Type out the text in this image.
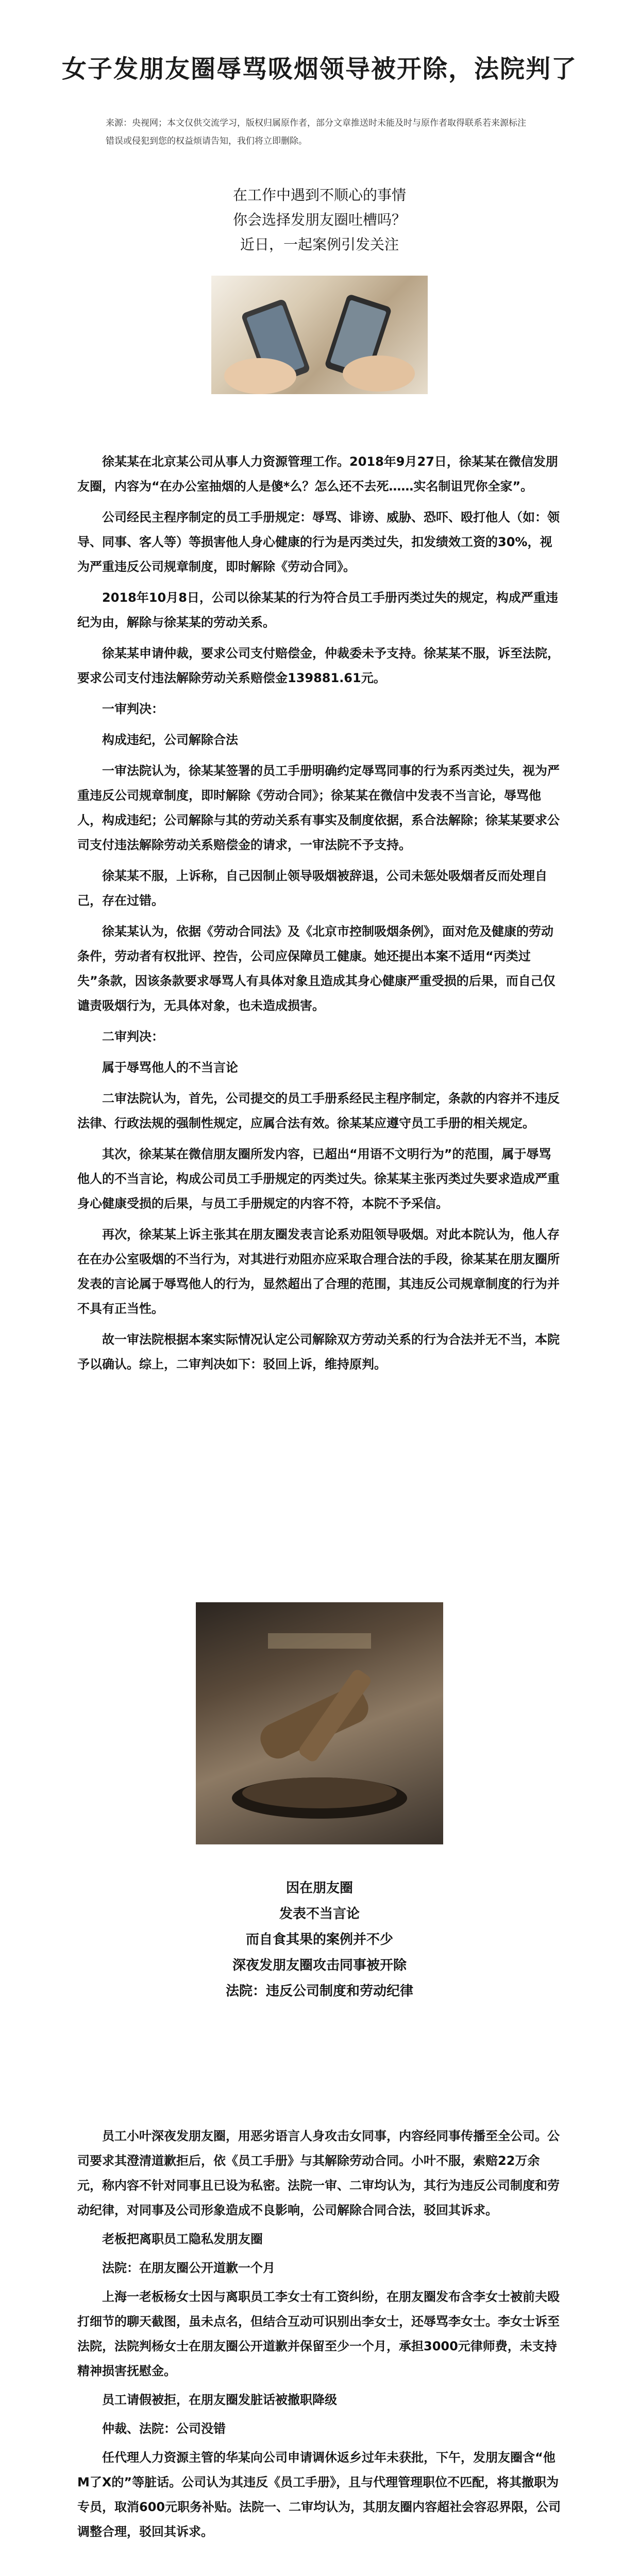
女子发朋友圈辱骂吸烟领导被开除，法院判了
来源：央视网；本文仅供交流学习，版权归属原作者，部分文章推送时未能及时与原作者取得联系若来源标注错误或侵犯到您的权益烦请告知，我们将立即删除。
在工作中遇到不顺心的事情
你会选择发朋友圈吐槽吗？
近日，一起案例引发关注

徐某某在北京某公司从事人力资源管理工作。2018年9月27日，徐某某在微信发朋友圈，内容为“在办公室抽烟的人是傻*么？怎么还不去死……实名制诅咒你全家”。

公司经民主程序制定的员工手册规定：辱骂、诽谤、威胁、恐吓、殴打他人（如：领导、同事、客人等）等损害他人身心健康的行为是丙类过失，扣发绩效工资的30%，视为严重违反公司规章制度，即时解除《劳动合同》。

2018年10月8日，公司以徐某某的行为符合员工手册丙类过失的规定，构成严重违纪为由，解除与徐某某的劳动关系。

徐某某申请仲裁，要求公司支付赔偿金，仲裁委未予支持。徐某某不服，诉至法院，要求公司支付违法解除劳动关系赔偿金139881.61元。

一审判决：

构成违纪，公司解除合法

一审法院认为，徐某某签署的员工手册明确约定辱骂同事的行为系丙类过失，视为严重违反公司规章制度，即时解除《劳动合同》；徐某某在微信中发表不当言论，辱骂他人，构成违纪；公司解除与其的劳动关系有事实及制度依据，系合法解除；徐某某要求公司支付违法解除劳动关系赔偿金的请求，一审法院不予支持。

徐某某不服，上诉称，自己因制止领导吸烟被辞退，公司未惩处吸烟者反而处理自己，存在过错。

徐某某认为，依据《劳动合同法》及《北京市控制吸烟条例》，面对危及健康的劳动条件，劳动者有权批评、控告，公司应保障员工健康。她还提出本案不适用“丙类过失”条款，因该条款要求辱骂人有具体对象且造成其身心健康严重受损的后果，而自己仅谴责吸烟行为，无具体对象，也未造成损害。

二审判决：

属于辱骂他人的不当言论

二审法院认为，首先，公司提交的员工手册系经民主程序制定，条款的内容并不违反法律、行政法规的强制性规定，应属合法有效。徐某某应遵守员工手册的相关规定。

其次，徐某某在微信朋友圈所发内容，已超出“用语不文明行为”的范围，属于辱骂他人的不当言论，构成公司员工手册规定的丙类过失。徐某某主张丙类过失要求造成严重身心健康受损的后果，与员工手册规定的内容不符，本院不予采信。

再次，徐某某上诉主张其在朋友圈发表言论系劝阻领导吸烟。对此本院认为，他人存在在办公室吸烟的不当行为，对其进行劝阻亦应采取合理合法的手段，徐某某在朋友圈所发表的言论属于辱骂他人的行为，显然超出了合理的范围，其违反公司规章制度的行为并不具有正当性。

故一审法院根据本案实际情况认定公司解除双方劳动关系的行为合法并无不当，本院予以确认。综上，二审判决如下：驳回上诉，维持原判。

因在朋友圈
发表不当言论
而自食其果的案例并不少
深夜发朋友圈攻击同事被开除
法院：违反公司制度和劳动纪律

员工小叶深夜发朋友圈，用恶劣语言人身攻击女同事，内容经同事传播至全公司。公司要求其澄清道歉拒后，依《员工手册》与其解除劳动合同。小叶不服，索赔22万余元，称内容不针对同事且已设为私密。法院一审、二审均认为，其行为违反公司制度和劳动纪律，对同事及公司形象造成不良影响，公司解除合同合法，驳回其诉求。

老板把离职员工隐私发朋友圈

法院：在朋友圈公开道歉一个月

上海一老板杨女士因与离职员工李女士有工资纠纷，在朋友圈发布含李女士被前夫殴打细节的聊天截图，虽未点名，但结合互动可识别出李女士，还辱骂李女士。李女士诉至法院，法院判杨女士在朋友圈公开道歉并保留至少一个月，承担3000元律师费，未支持精神损害抚慰金。

员工请假被拒，在朋友圈发脏话被撤职降级

仲裁、法院：公司没错

任代理人力资源主管的华某向公司申请调休返乡过年未获批，下午，发朋友圈含“他M了X的”等脏话。公司认为其违反《员工手册》，且与代理管理职位不匹配，将其撤职为专员，取消600元职务补贴。法院一、二审均认为，其朋友圈内容超社会容忍界限，公司调整合理，驳回其诉求。
